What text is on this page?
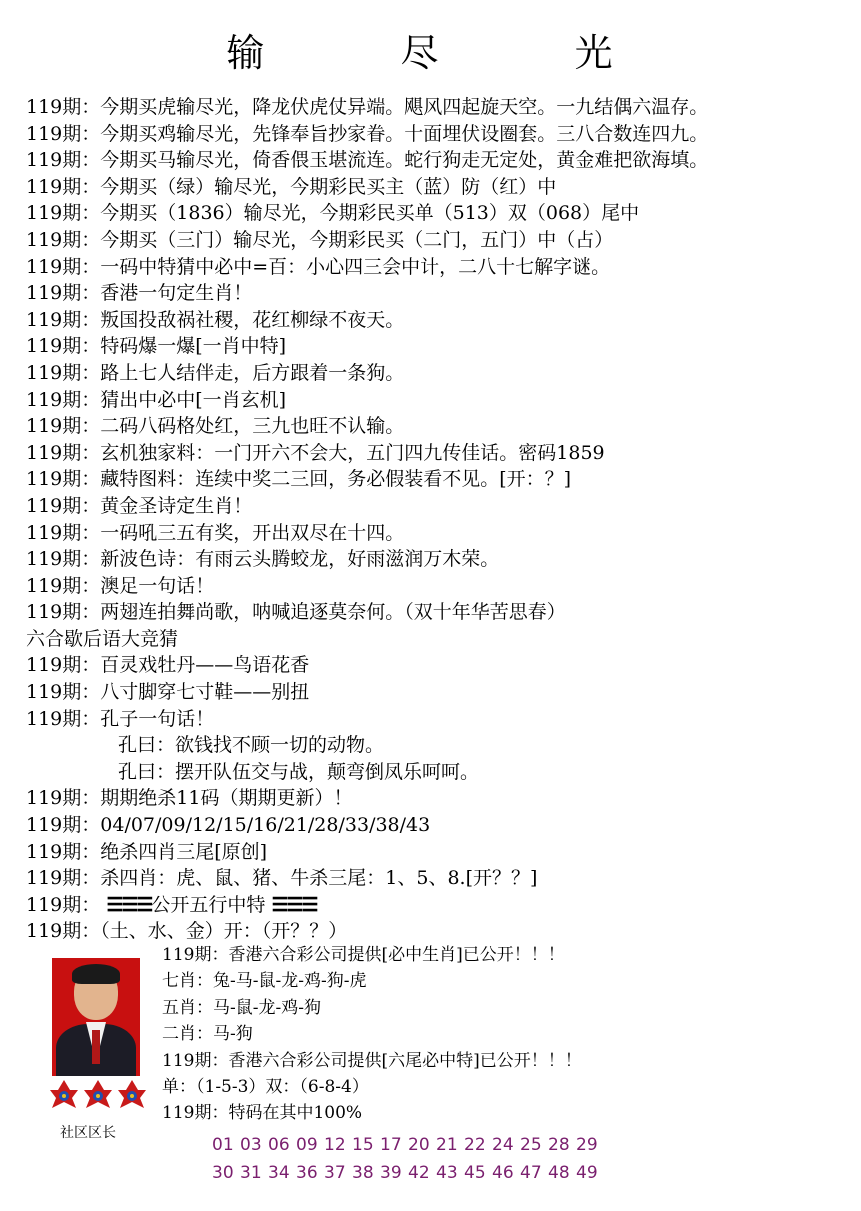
输 尽 光
119期：今期买虎输尽光，降龙伏虎仗异端。飓风四起旋天空。一九结偶六温存。
119期：今期买鸡输尽光，先锋奉旨抄家眷。十面埋伏设圈套。三八合数连四九。
119期：今期买马输尽光，倚香偎玉堪流连。蛇行狗走无定处，黄金难把欲海填。
119期：今期买（绿）输尽光，今期彩民买主（蓝）防（红）中
119期：今期买（1836）输尽光，今期彩民买单（513）双（068）尾中
119期：今期买（三门）输尽光，今期彩民买（二门，五门）中（占）
119期：一码中特猜中必中=百：小心四三会中计，二八十七解字谜。
119期：香港一句定生肖！
119期：叛国投敌祸社稷，花红柳绿不夜天。
119期：特码爆一爆[一肖中特]
119期：路上七人结伴走，后方跟着一条狗。
119期：猜出中必中[一肖玄机]
119期：二码八码格处红，三九也旺不认输。
119期：玄机独家料：一门开六不会大，五门四九传佳话。密码1859
119期：藏特图料：连续中奖二三回，务必假装看不见。[开：？]
119期：黄金圣诗定生肖！
119期：一码吼三五有奖，开出双尽在十四。
119期：新波色诗：有雨云头腾蛟龙，好雨滋润万木荣。
119期：澳足一句话！
119期：两翅连拍舞尚歌，呐喊追逐莫奈何。（双十年华苦思春）
六合歇后语大竞猜
119期：百灵戏牡丹——鸟语花香
119期：八寸脚穿七寸鞋——别扭
119期：孔子一句话！
孔曰：欲钱找不顾一切的动物。
孔曰：摆开队伍交与战，颠弯倒凤乐呵呵。
119期：期期绝杀11码（期期更新）！
119期：04/07/09/12/15/16/21/28/33/38/43
119期：绝杀四肖三尾[原创]
119期：杀四肖：虎、鼠、猪、牛杀三尾：1、5、8.[开？？]
119期： ☰☰☰公开五行中特 ☰☰☰
119期：（土、水、金）开：（开？？）
社区区长
119期：香港六合彩公司提供[必中生肖]已公开！！！
七肖：兔-马-鼠-龙-鸡-狗-虎
五肖：马-鼠-龙-鸡-狗
二肖：马-狗
119期：香港六合彩公司提供[六尾必中特]已公开！！！
单：（1-5-3）双：（6-8-4）
119期：特码在其中100%
01 03 06 09 12 15 17 20 21 22 24 25 28 29
30 31 34 36 37 38 39 42 43 45 46 47 48 49
